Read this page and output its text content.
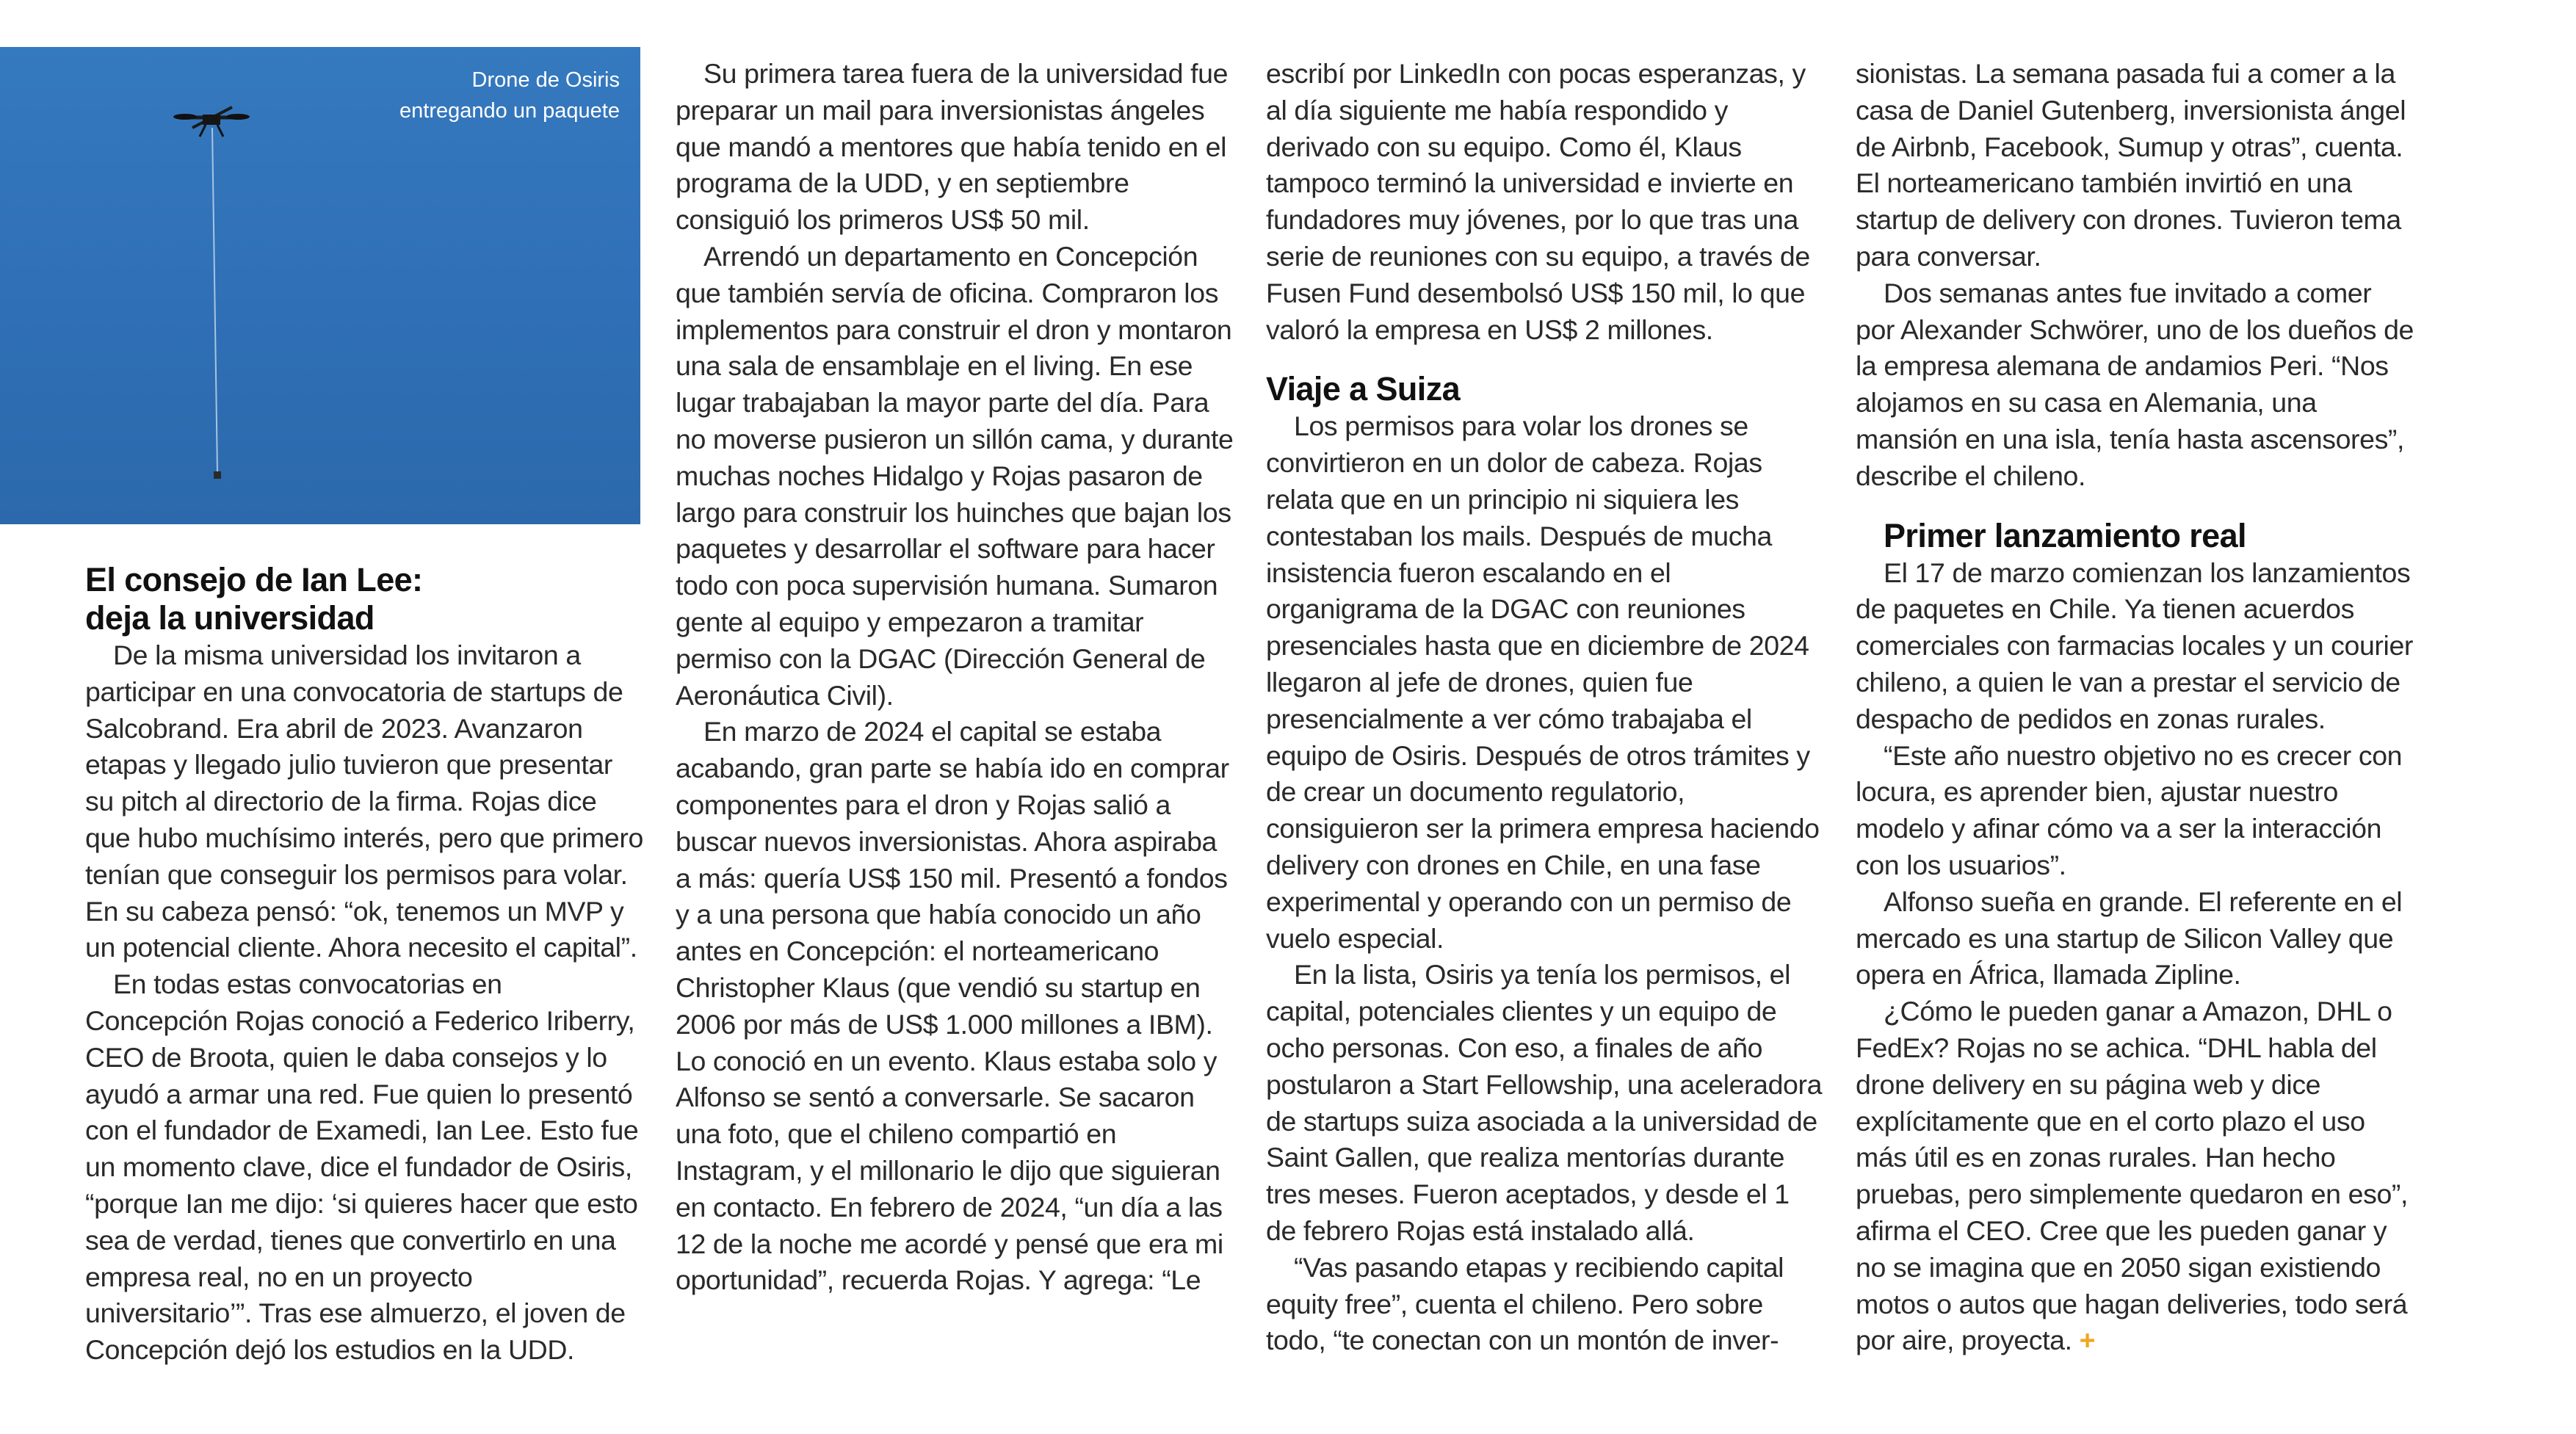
Drone de Osiris
entregando un paquete
El consejo de Ian Lee:
deja la universidad

De la misma universidad los invitaron a participar en una convocatoria de startups de Salcobrand. Era abril de 2023. Avanzaron etapas y llegado julio tuvieron que presentar su pitch al directorio de la firma. Rojas dice que hubo muchísimo interés, pero que primero tenían que conseguir los permisos para volar. En su cabeza pensó: “ok, tenemos un MVP y un potencial cliente. Ahora necesito el capital”.

En todas estas convocatorias en Concepción Rojas conoció a Federico Iriberry, CEO de Broota, quien le daba consejos y lo ayudó a armar una red. Fue quien lo presentó con el fundador de Examedi, Ian Lee. Esto fue un momento clave, dice el fundador de Osiris, “porque Ian me dijo: ‘si quieres hacer que esto sea de verdad, tienes que convertirlo en una empresa real, no en un proyecto universitario’”. Tras ese almuerzo, el joven de Concepción dejó los estudios en la UDD.

Su primera tarea fuera de la universidad fue preparar un mail para inversionistas ángeles que mandó a mentores que había tenido en el programa de la UDD, y en septiembre consiguió los primeros US$ 50 mil.

Arrendó un departamento en Concepción que también servía de oficina. Compraron los implementos para construir el dron y montaron una sala de ensamblaje en el living. En ese lugar trabajaban la mayor parte del día. Para no moverse pusieron un sillón cama, y durante muchas noches Hidalgo y Rojas pasaron de largo para construir los huinches que bajan los paquetes y desarrollar el software para hacer todo con poca supervisión humana. Sumaron gente al equipo y empezaron a tramitar permiso con la DGAC (Dirección General de Aeronáutica Civil).

En marzo de 2024 el capital se estaba acabando, gran parte se había ido en comprar componentes para el dron y Rojas salió a buscar nuevos inversionistas. Ahora aspiraba a más: quería US$ 150 mil. Presentó a fondos y a una persona que había conocido un año antes en Concepción: el norteamericano Christopher Klaus (que vendió su startup en 2006 por más de US$ 1.000 millones a IBM). Lo conoció en un evento. Klaus estaba solo y Alfonso se sentó a conversarle. Se sacaron una foto, que el chileno compartió en Instagram, y el millonario le dijo que siguieran en contacto. En febrero de 2024, “un día a las 12 de la noche me acordé y pensé que era mi oportunidad”, recuerda Rojas. Y agrega: “Le

escribí por LinkedIn con pocas esperanzas, y al día siguiente me había respondido y derivado con su equipo. Como él, Klaus tampoco terminó la universidad e invierte en fundadores muy jóvenes, por lo que tras una serie de reuniones con su equipo, a través de Fusen Fund desembolsó US$ 150 mil, lo que valoró la empresa en US$ 2 millones.

Viaje a Suiza

Los permisos para volar los drones se convirtieron en un dolor de cabeza. Rojas relata que en un principio ni siquiera les contestaban los mails. Después de mucha insistencia fueron escalando en el organigrama de la DGAC con reuniones presenciales hasta que en diciembre de 2024 llegaron al jefe de drones, quien fue presencialmente a ver cómo trabajaba el equipo de Osiris. Después de otros trámites y de crear un documento regulatorio, consiguieron ser la primera empresa haciendo delivery con drones en Chile, en una fase experimental y operando con un permiso de vuelo especial.

En la lista, Osiris ya tenía los permisos, el capital, potenciales clientes y un equipo de ocho personas. Con eso, a finales de año postularon a Start Fellowship, una aceleradora de startups suiza asociada a la universidad de Saint Gallen, que realiza mentorías durante tres meses. Fueron aceptados, y desde el 1 de febrero Rojas está instalado allá.

“Vas pasando etapas y recibiendo capital equity free”, cuenta el chileno. Pero sobre todo, “te conectan con un montón de inver-

sionistas. La semana pasada fui a comer a la casa de Daniel Gutenberg, inversionista ángel de Airbnb, Facebook, Sumup y otras”, cuenta. El norteamericano también invirtió en una startup de delivery con drones. Tuvieron tema para conversar.

Dos semanas antes fue invitado a comer por Alexander Schwörer, uno de los dueños de la empresa alemana de andamios Peri. “Nos alojamos en su casa en Alemania, una mansión en una isla, tenía hasta ascensores”, describe el chileno.

Primer lanzamiento real

El 17 de marzo comienzan los lanzamientos de paquetes en Chile. Ya tienen acuerdos comerciales con farmacias locales y un courier chileno, a quien le van a prestar el servicio de despacho de pedidos en zonas rurales.

“Este año nuestro objetivo no es crecer con locura, es aprender bien, ajustar nuestro modelo y afinar cómo va a ser la interacción con los usuarios”.

Alfonso sueña en grande. El referente en el mercado es una startup de Silicon Valley que opera en África, llamada Zipline.

¿Cómo le pueden ganar a Amazon, DHL o FedEx? Rojas no se achica. “DHL habla del drone delivery en su página web y dice explícitamente que en el corto plazo el uso más útil es en zonas rurales. Han hecho pruebas, pero simplemente quedaron en eso”, afirma el CEO. Cree que les pueden ganar y no se imagina que en 2050 sigan existiendo motos o autos que hagan deliveries, todo será por aire, proyecta. +
